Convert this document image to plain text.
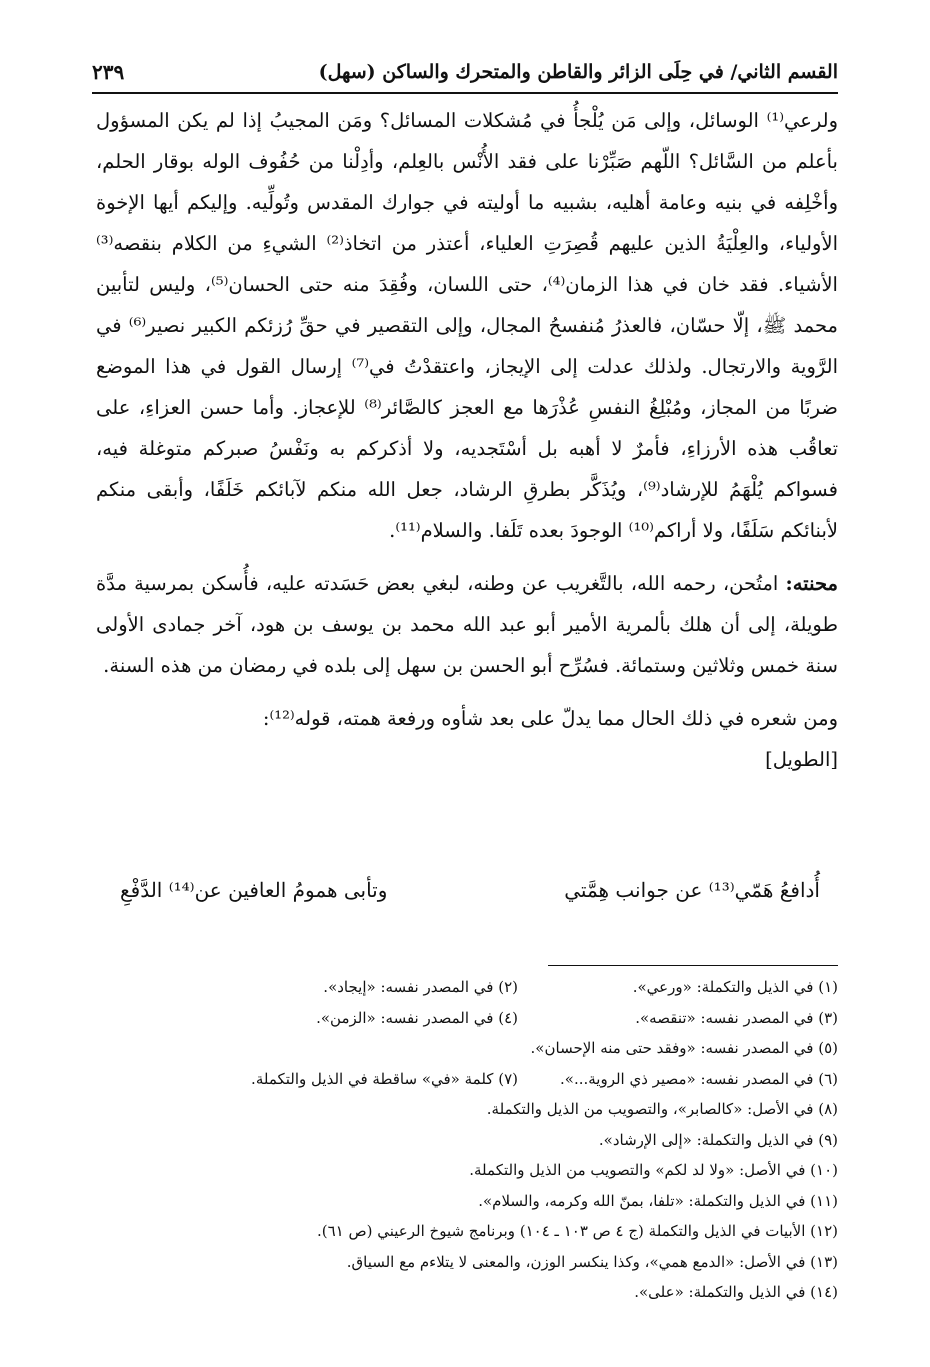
القسم الثاني/ في حِلَى الزائر والقاطن والمتحرك والساكن (سهل)
٢٣٩

ولرعي⁽¹⁾ الوسائل، وإلى مَن يُلْجأُ في مُشكلات المسائل؟ ومَن المجيبُ إذا لم يكن المسؤول بأعلم من السَّائل؟ اللّهم صَبِّرْنا على فقد الأُنْس بالعِلم، وأدِلْنا من حُفُوف الوله بوقار الحلم، وأخْلِفه في بنيه وعامة أهليه، بشبيه ما أوليته في جوارك المقدس وتُولِّيه. وإليكم أيها الإخوة الأولياء، والعِلْيَةُ الذين عليهم قُصِرَتِ العلياء، أعتذر من اتخاذ⁽²⁾ الشيءِ من الكلام بنقصه⁽³⁾ الأشياء. فقد خان في هذا الزمان⁽⁴⁾، حتى اللسان، وفُقِدَ منه حتى الحسان⁽⁵⁾، وليس لتأبين محمد ﷺ، إلّا حسّان، فالعذرُ مُنفسحُ المجال، وإلى التقصير في حقِّ رُزئكم الكبير نصير⁽⁶⁾ في الرَّوية والارتجال. ولذلك عدلت إلى الإيجاز، واعتقدْتُ في⁽⁷⁾ إرسال القول في هذا الموضع ضربًا من المجاز، ومُبْلِغُ النفسِ عُذْرَها مع العجز كالصَّائر⁽⁸⁾ للإعجاز. وأما حسن العزاءِ، على تعاقُب هذه الأرزاءِ، فأمرٌ لا أهبه بل أسْتَجديه، ولا أذكركم به ونَفْسُ صبركم متوغلة فيه، فسواكم يُلْهَمُ للإرشاد⁽⁹⁾، ويُذَكَّر بطرقِ الرشاد، جعل الله منكم لآبائكم خَلَفًا، وأبقى منكم لأبنائكم سَلَفًا، ولا أراكم⁽¹⁰⁾ الوجودَ بعده تَلَفا. والسلام⁽¹¹⁾.

محنته: امتُحن، رحمه الله، بالتَّغريب عن وطنه، لبغي بعض حَسَدته عليه، فأُسكن بمرسية مدَّة طويلة، إلى أن هلك بألمرية الأمير أبو عبد الله محمد بن يوسف بن هود، آخر جمادى الأولى سنة خمس وثلاثين وستمائة. فسُرِّح أبو الحسن بن سهل إلى بلده في رمضان من هذه السنة.

ومن شعره في ذلك الحال مما يدلّ على بعد شأوه ورفعة همته، قوله⁽¹²⁾:

[الطويل]

أُدافعُ هَمّي⁽¹³⁾ عن جوانب هِمَّتي
وتأبى همومُ العافين عن⁽¹⁴⁾ الدَّفْعِ
(١) في الذيل والتكملة: «ورعي».
(٢) في المصدر نفسه: «إيجاد».
(٣) في المصدر نفسه: «تنقصه».
(٤) في المصدر نفسه: «الزمن».
(٥) في المصدر نفسه: «وفقد حتى منه الإحسان».
(٦) في المصدر نفسه: «مصير ذي الروية...».
(٧) كلمة «في» ساقطة في الذيل والتكملة.
(٨) في الأصل: «كالصابر»، والتصويب من الذيل والتكملة.
(٩) في الذيل والتكملة: «إلى الإرشاد».
(١٠) في الأصل: «ولا لد لكم» والتصويب من الذيل والتكملة.
(١١) في الذيل والتكملة: «تلفا، بمنّ الله وكرمه، والسلام».
(١٢) الأبيات في الذيل والتكملة (ج ٤ ص ١٠٣ ـ ١٠٤) وبرنامج شيوخ الرعيني (ص ٦١).
(١٣) في الأصل: «الدمع همي»، وكذا ينكسر الوزن، والمعنى لا يتلاءم مع السياق.
(١٤) في الذيل والتكملة: «على».
